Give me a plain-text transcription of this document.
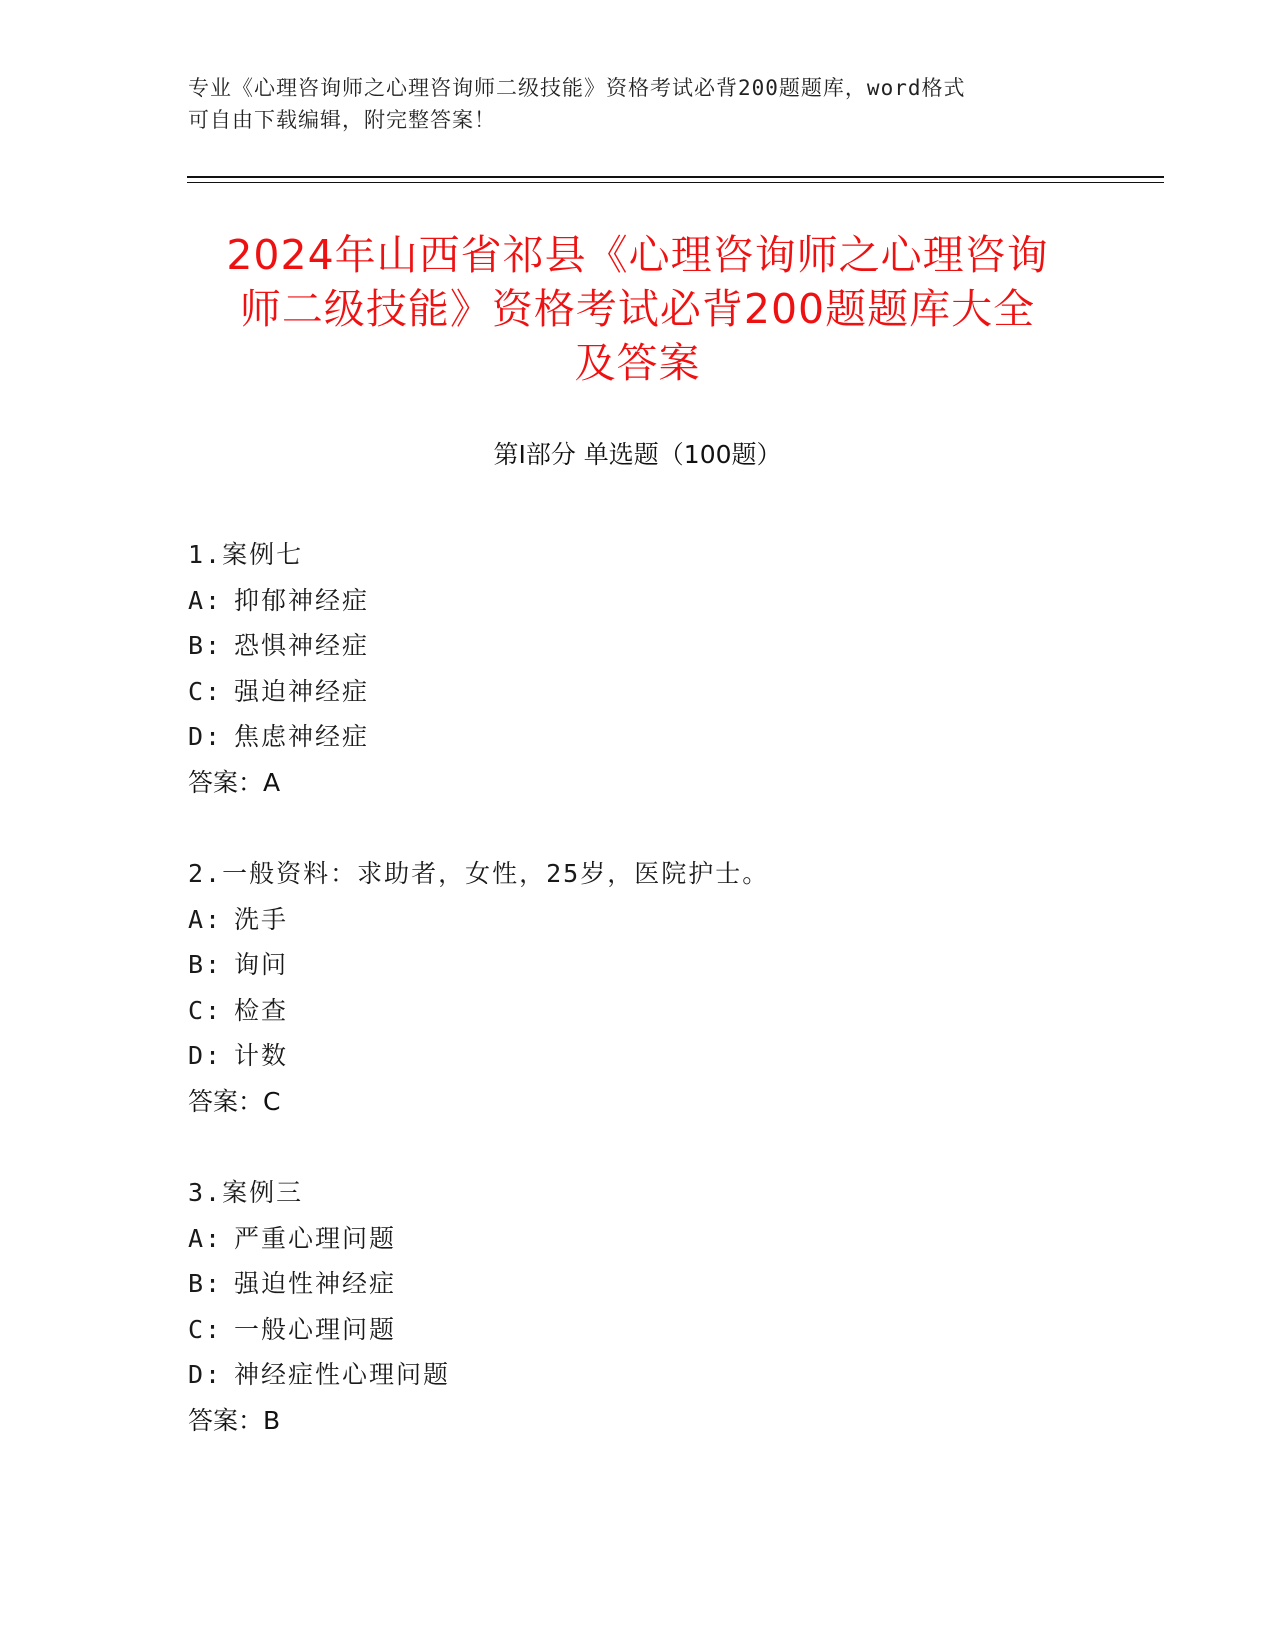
专业《心理咨询师之心理咨询师二级技能》资格考试必背200题题库，word格式
可自由下载编辑，附完整答案！
2024年山西省祁县《心理咨询师之心理咨询
师二级技能》资格考试必背200题题库大全
及答案
第Ⅰ部分 单选题（100题）
1.案例七
A: 抑郁神经症
B: 恐惧神经症
C: 强迫神经症
D: 焦虑神经症
答案：A
2.一般资料：求助者，女性，25岁，医院护士。
A: 洗手
B: 询问
C: 检查
D: 计数
答案：C
3.案例三
A: 严重心理问题
B: 强迫性神经症
C: 一般心理问题
D: 神经症性心理问题
答案：B
